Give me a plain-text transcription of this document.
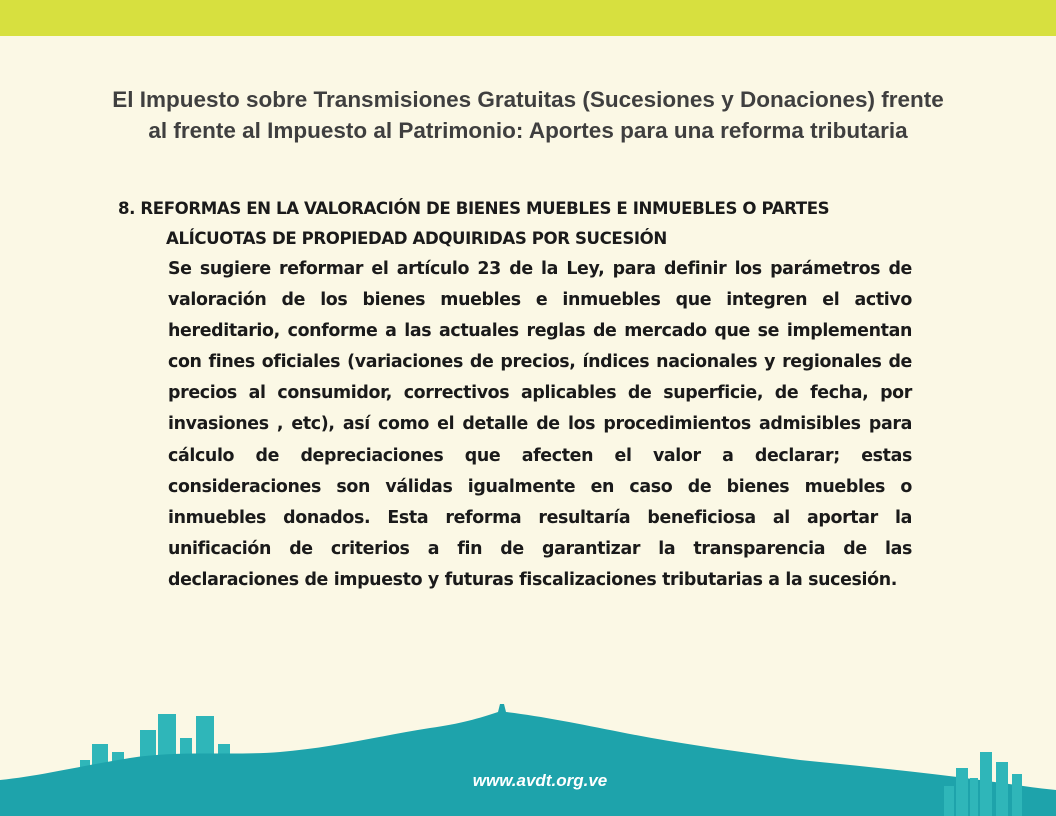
El Impuesto sobre Transmisiones Gratuitas (Sucesiones y Donaciones) frente al frente al Impuesto al Patrimonio: Aportes para una reforma tributaria

8. REFORMAS EN LA VALORACIÓN DE BIENES MUEBLES E INMUEBLES O PARTES ALÍCUOTAS DE PROPIEDAD ADQUIRIDAS POR SUCESIÓN

Se sugiere reformar el artículo 23 de la Ley, para definir los parámetros de valoración de los bienes muebles e inmuebles que integren el activo hereditario, conforme a las actuales reglas de mercado que se implementan con fines oficiales (variaciones de precios, índices nacionales y regionales de precios al consumidor, correctivos aplicables de superficie, de fecha, por invasiones , etc), así como el detalle de los procedimientos admisibles para cálculo de depreciaciones que afecten el valor a declarar; estas consideraciones son válidas igualmente en caso de bienes muebles o inmuebles donados. Esta reforma resultaría beneficiosa al aportar la unificación de criterios a fin de garantizar la transparencia de las declaraciones de impuesto y futuras fiscalizaciones tributarias a la sucesión.

www.avdt.org.ve
